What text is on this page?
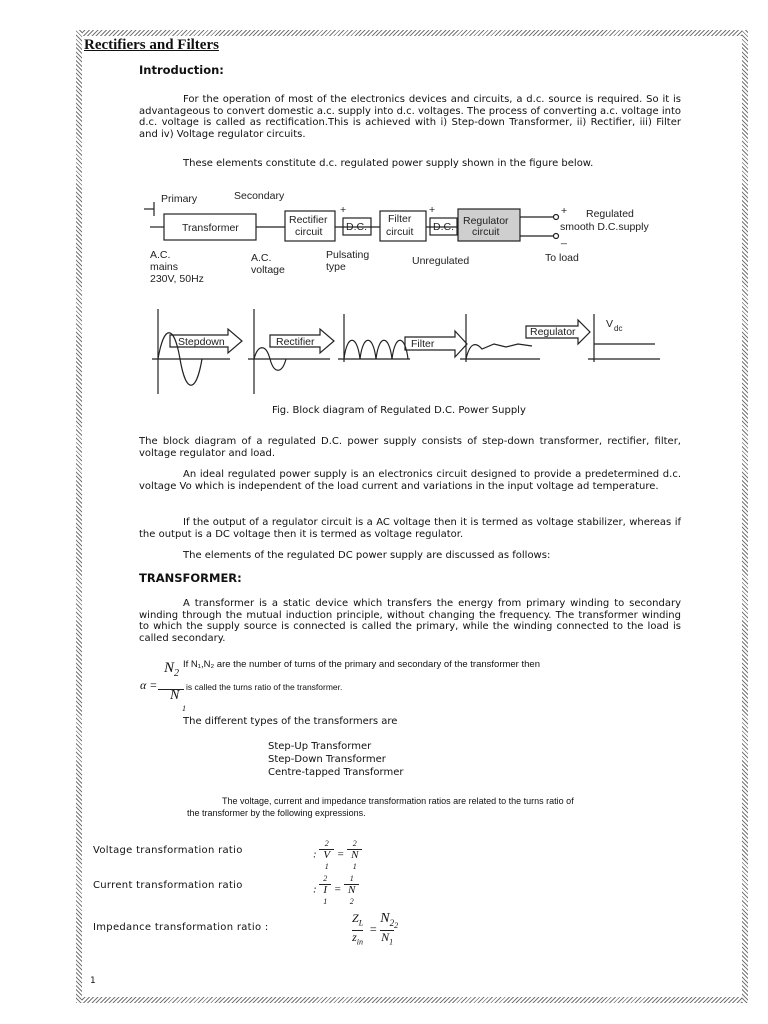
Rectifiers and Filters
Introduction:
For the operation of most of the electronics devices and circuits, a d.c. source is required. So it is advantageous to convert domestic a.c. supply into d.c. voltages. The process of converting a.c. voltage into d.c. voltage is called as rectification.This is achieved with i) Step-down Transformer, ii) Rectifier, iii) Filter and iv) Voltage regulator circuits.
These elements constitute d.c. regulated power supply shown in the figure below.
Primary	Secondary
Transformer
Rectifier
circuit D.C.
Filter
circuit D.C. Regulator
circuit
+	+	+
_
Regulated
smooth D.C.supply
A.C.
mains
230V, 50Hz
A.C.
voltage
Pulsating
type	Unregulated	To load
Stepdown	Rectifier	Filter
Regulator
V dc
Fig. Block diagram of Regulated D.C. Power Supply
The block diagram of a regulated D.C. power supply consists of step-down transformer, rectifier, filter, voltage regulator and load.
An ideal regulated power supply is an electronics circuit designed to provide a predetermined d.c. voltage Vo which is independent of the load current and variations in the input voltage ad temperature.
If the output of a regulator circuit is a AC voltage then it is termed as voltage stabilizer, whereas if the output is a DC voltage then it is termed as voltage regulator.
The elements of the regulated DC power supply are discussed as follows:
TRANSFORMER:
A transformer is a static device which transfers the energy from primary winding to secondary winding through the mutual induction principle, without changing the frequency. The transformer winding to which the supply source is connected is called the primary, while the winding connected to the load is called secondary.
$N_2$
α =
N
1
If N₁,N₂ are the number of turns of the primary and secondary of the transformer then
is called the turns ratio of the transformer.
The different types of the transformers are
Step-Up Transformer
Step-Down Transformer
Centre-tapped Transformer
The voltage, current and impedance transformation ratios are related to the turns ratio of
the transformer by the following expressions.
Voltage transformation ratio	:
2
V
1
=
2
N
1
Current transformation ratio	:
2
I
1
=
1
N
2
Impedance transformation ratio :
$Z_L$
$z_{in}$
= $\frac{N_2}{N_1} ^2$
1
